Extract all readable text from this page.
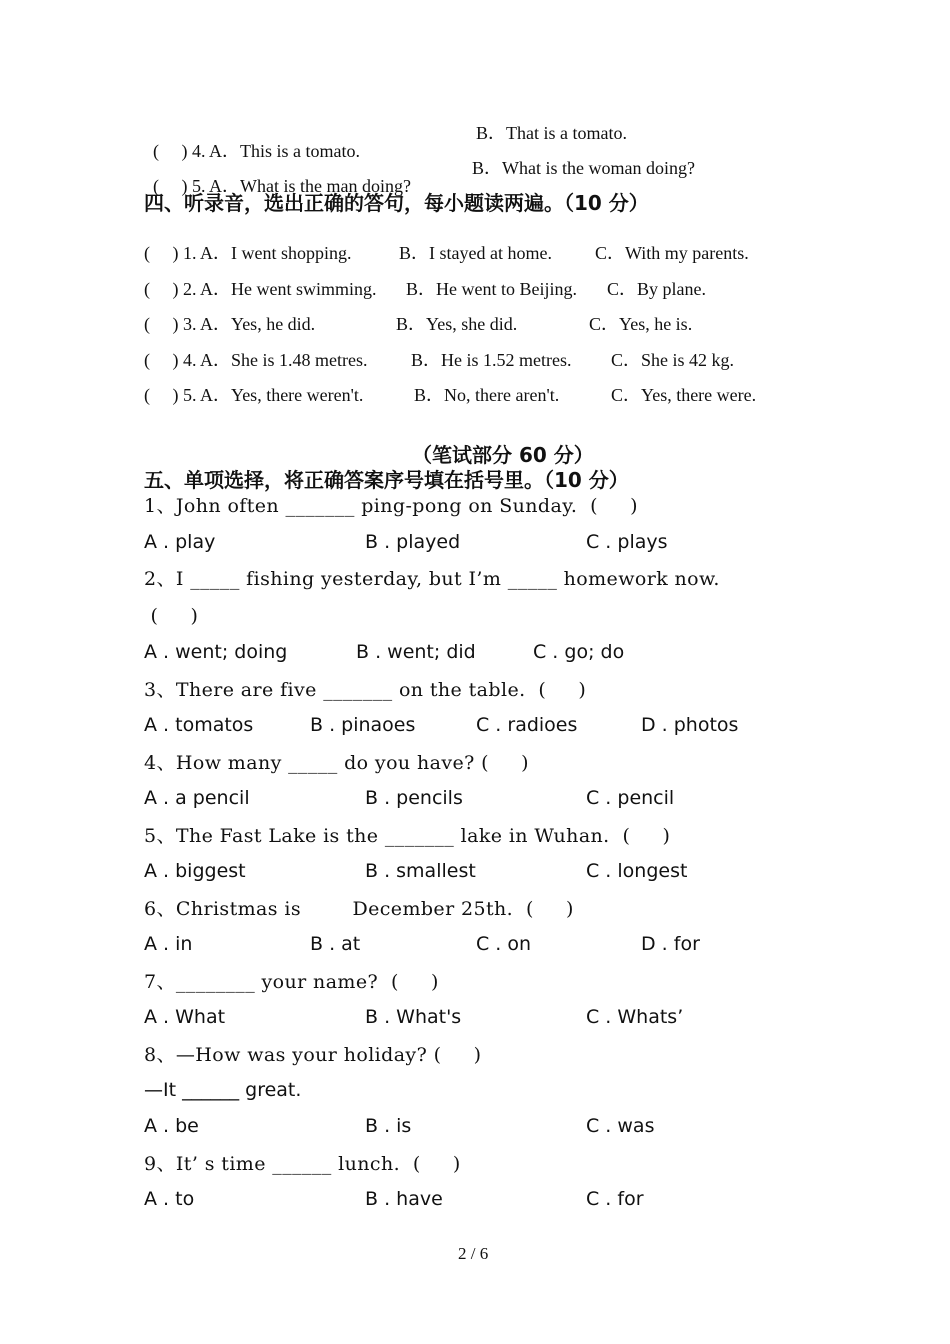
(     ) 4. A．This is a tomato.

B．That is a tomato.

(     ) 5. A．What is the man doing?

B．What is the woman doing?
四、听录音，选出正确的答句，每小题读两遍。（10 分）
(     ) 1. A．I went shopping.	B．I stayed at home. C．With my parents.
(     ) 2. A．He went swimming. B．He went to Beijing. C．By plane.
(     ) 3. A．Yes, he did.	B．Yes, she did.	C．Yes, he is.
(     ) 4. A．She is 1.48 metres. B．He is 1.52 metres. C．She is 42 kg.
(     ) 5. A．Yes, there weren't.	B．No, there aren't.	C．Yes, there were.
（笔试部分 60 分）
五、单项选择，将正确答案序号填在括号里。（10 分）
1、John often _______ ping-pong on Sunday.  (     )
A . play	B . played	C . plays
2、I _____ fishing yesterday, but I’m _____ homework now.
(     )
A . went; doing	B . went; did	C . go; do
3、There are five _______ on the table.  (     )
A . tomatos	B . pinaoes	C . radioes	D . photos
4、How many _____ do you have? (     )
A . a pencil	B . pencils	C . pencil
5、The Fast Lake is the _______ lake in Wuhan.  (     )
A . biggest	B . smallest	C . longest
6、Christmas is        December 25th.  (     )
A . in	B . at	C . on	D . for
7、________ your name?  (     )
A . What	B . What's	C . Whats’
8、—How was your holiday? (     )
—It ______ great.
A . be	B . is	C . was
9、It’ s time ______ lunch.  (     )
A . to	B . have	C . for
2 / 6
